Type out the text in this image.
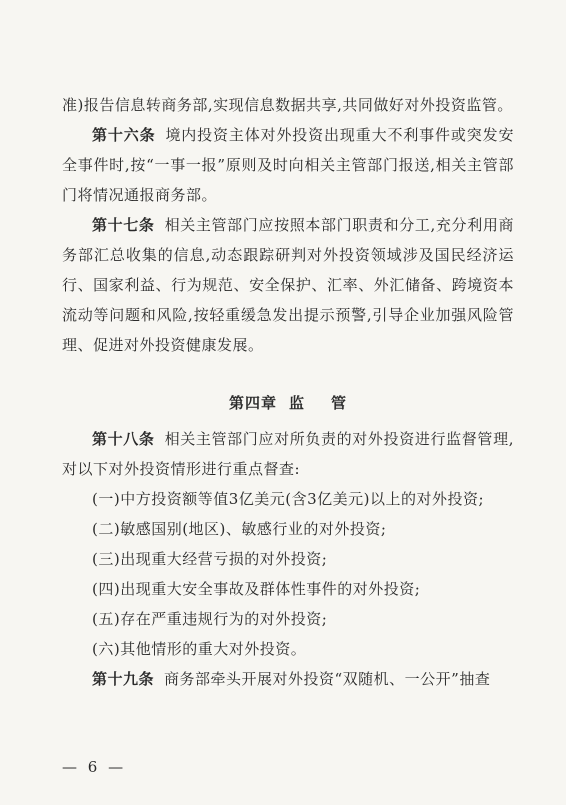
准)报告信息转商务部,实现信息数据共享,共同做好对外投资监管。

第十六条 境内投资主体对外投资出现重大不利事件或突发安全事件时,按“一事一报”原则及时向相关主管部门报送,相关主管部门将情况通报商务部。

第十七条 相关主管部门应按照本部门职责和分工,充分利用商务部汇总收集的信息,动态跟踪研判对外投资领域涉及国民经济运行、国家利益、行为规范、安全保护、汇率、外汇储备、跨境资本流动等问题和风险,按轻重缓急发出提示预警,引导企业加强风险管理、促进对外投资健康发展。

第四章 监 管

第十八条 相关主管部门应对所负责的对外投资进行监督管理,对以下对外投资情形进行重点督查:

(一)中方投资额等值3亿美元(含3亿美元)以上的对外投资;

(二)敏感国别(地区)、敏感行业的对外投资;

(三)出现重大经营亏损的对外投资;

(四)出现重大安全事故及群体性事件的对外投资;

(五)存在严重违规行为的对外投资;

(六)其他情形的重大对外投资。

第十九条 商务部牵头开展对外投资“双随机、一公开”抽查

— 6 —
